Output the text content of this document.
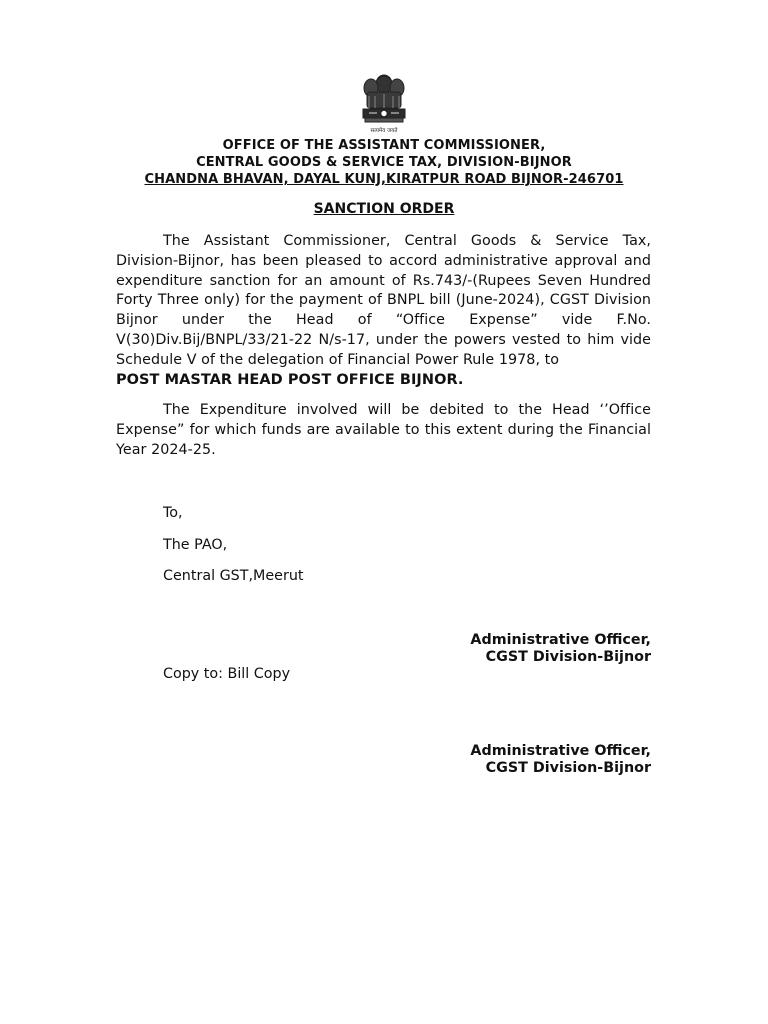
सत्यमेव जयते
OFFICE OF THE ASSISTANT COMMISSIONER,
CENTRAL GOODS & SERVICE TAX, DIVISION-BIJNOR
CHANDNA BHAVAN, DAYAL KUNJ,KIRATPUR ROAD BIJNOR-246701
SANCTION ORDER
The Assistant Commissioner, Central Goods & Service Tax, Division-Bijnor, has been pleased to accord administrative approval and expenditure sanction for an amount of Rs.743/-(Rupees Seven Hundred Forty Three only) for the payment of BNPL bill (June-2024), CGST Division Bijnor under the Head of “Office Expense” vide F.No. V(30)Div.Bij/BNPL/33/21-22 N/s-17, under the powers vested to him vide Schedule V of the delegation of Financial Power Rule 1978, to
POST MASTAR HEAD POST OFFICE BIJNOR.
The Expenditure involved will be debited to the Head ‘’Office Expense” for which funds are available to this extent during the Financial Year 2024-25.
To,
The PAO,
Central GST,Meerut
Administrative Officer,
CGST Division-Bijnor
Copy to: Bill Copy
Administrative Officer,
CGST Division-Bijnor
